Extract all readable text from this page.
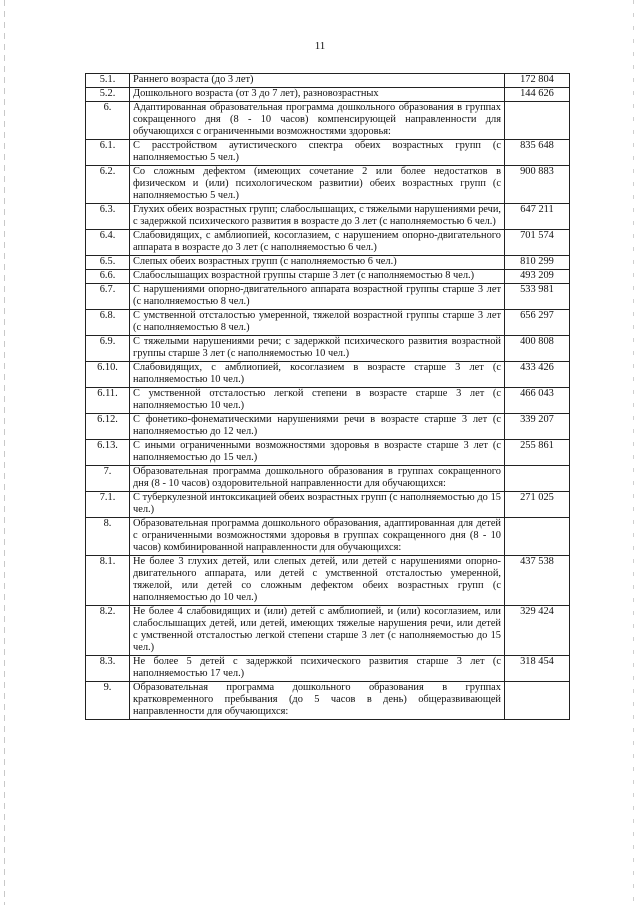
11
5.1.	Раннего возраста (до 3 лет)	172 804
5.2.	Дошкольного возраста (от 3 до 7 лет), разновозрастных	144 626
6.	Адаптированная образовательная программа дошкольного образования в группах сокращенного дня (8 - 10 часов) компенсирующей направленности для обучающихся с ограниченными возможностями здоровья:	
6.1.	С расстройством аутистического спектра обеих возрастных групп (с наполняемостью 5 чел.)	835 648
6.2.	Со сложным дефектом (имеющих сочетание 2 или более недостатков в физическом и (или) психологическом развитии) обеих возрастных групп (с наполняемостью 5 чел.)	900 883
6.3.	Глухих обеих возрастных групп; слабослышащих, с тяжелыми нарушениями речи, с задержкой психического развития в возрасте до 3 лет (с наполняемостью 6 чел.)	647 211
6.4.	Слабовидящих, с амблиопией, косоглазием, с нарушением опорно-двигательного аппарата в возрасте до 3 лет (с наполняемостью 6 чел.)	701 574
6.5.	Слепых обеих возрастных групп (с наполняемостью 6 чел.)	810 299
6.6.	Слабослышащих возрастной группы старше 3 лет (с наполняемостью 8 чел.)	493 209
6.7.	С нарушениями опорно-двигательного аппарата возрастной группы старше 3 лет (с наполняемостью 8 чел.)	533 981
6.8.	С умственной отсталостью умеренной, тяжелой возрастной группы старше 3 лет (с наполняемостью 8 чел.)	656 297
6.9.	С тяжелыми нарушениями речи; с задержкой психического развития возрастной группы старше 3 лет (с наполняемостью 10 чел.)	400 808
6.10.	Слабовидящих, с амблиопией, косоглазием в возрасте старше 3 лет (с наполняемостью 10 чел.)	433 426
6.11.	С умственной отсталостью легкой степени в возрасте старше 3 лет (с наполняемостью 10 чел.)	466 043
6.12.	С фонетико-фонематическими нарушениями речи в возрасте старше 3 лет (с наполняемостью до 12 чел.)	339 207
6.13.	С иными ограниченными возможностями здоровья в возрасте старше 3 лет (с наполняемостью до 15 чел.)	255 861
7.	Образовательная программа дошкольного образования в группах сокращенного дня (8 - 10 часов) оздоровительной направленности для обучающихся:	
7.1.	С туберкулезной интоксикацией обеих возрастных групп (с наполняемостью до 15 чел.)	271 025
8.	Образовательная программа дошкольного образования, адаптированная для детей с ограниченными возможностями здоровья в группах сокращенного дня (8 - 10 часов) комбинированной направленности для обучающихся:	
8.1.	Не более 3 глухих детей, или слепых детей, или детей с нарушениями опорно-двигательного аппарата, или детей с умственной отсталостью умеренной, тяжелой, или детей со сложным дефектом обеих возрастных групп (с наполняемостью до 10 чел.)	437 538
8.2.	Не более 4 слабовидящих и (или) детей с амблиопией, и (или) косоглазием, или слабослышащих детей, или детей, имеющих тяжелые нарушения речи, или детей с умственной отсталостью легкой степени старше 3 лет (с наполняемостью до 15 чел.)	329 424
8.3.	Не более 5 детей с задержкой психического развития старше 3 лет (с наполняемостью 17 чел.)	318 454
9.	Образовательная программа дошкольного образования в группах кратковременного пребывания (до 5 часов в день) общеразвивающей направленности для обучающихся:	
